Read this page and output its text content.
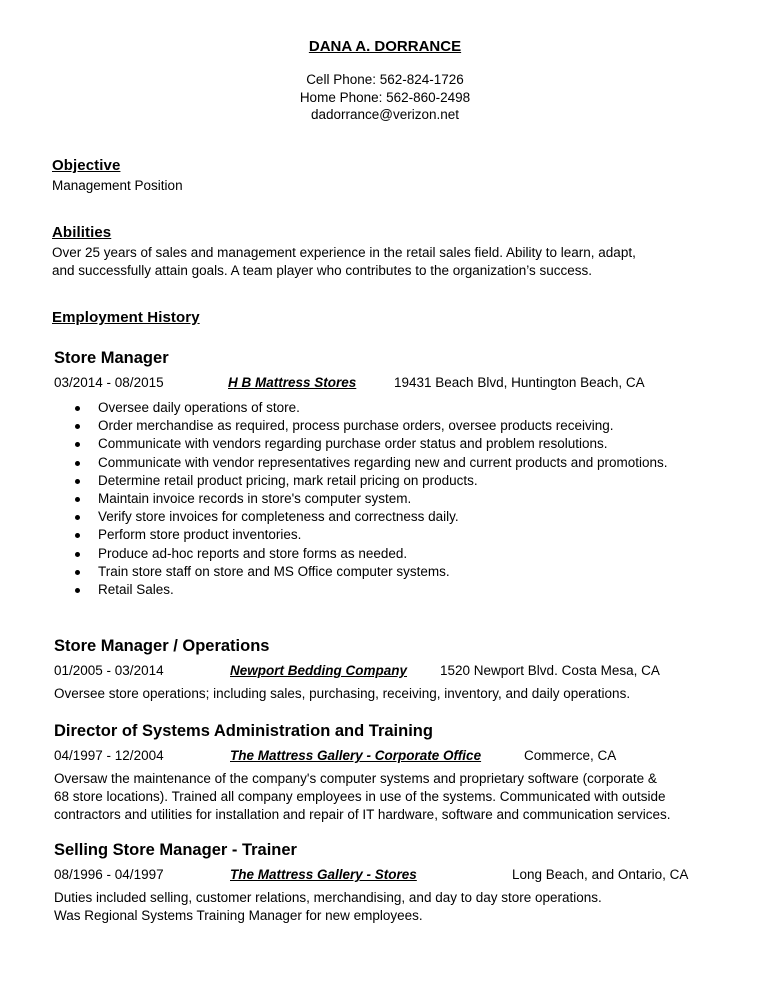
DANA A. DORRANCE
Cell Phone: 562-824-1726
Home Phone: 562-860-2498
dadorrance@verizon.net
Objective
Management Position
Abilities
Over 25 years of sales and management experience in the retail sales field. Ability to learn, adapt,
and successfully attain goals. A team player who contributes to the organization’s success.
Employment History
Store Manager
03/2014 - 08/2015	H B Mattress Stores	19431 Beach Blvd, Huntington Beach, CA
Oversee daily operations of store.
Order merchandise as required, process purchase orders, oversee products receiving.
Communicate with vendors regarding purchase order status and problem resolutions.
Communicate with vendor representatives regarding new and current products and promotions.
Determine retail product pricing, mark retail pricing on products.
Maintain invoice records in store's computer system.
Verify store invoices for completeness and correctness daily.
Perform store product inventories.
Produce ad-hoc reports and store forms as needed.
Train store staff on store and MS Office computer systems.
Retail Sales.
Store Manager / Operations
01/2005 - 03/2014	Newport Bedding Company 1520 Newport Blvd. Costa Mesa, CA
Oversee store operations; including sales, purchasing, receiving, inventory, and daily operations.
Director of Systems Administration and Training
04/1997 - 12/2004	The Mattress Gallery - Corporate Office	Commerce, CA
Oversaw the maintenance of the company's computer systems and proprietary software (corporate &
68 store locations). Trained all company employees in use of the systems. Communicated with outside
contractors and utilities for installation and repair of IT hardware, software and communication services.
Selling Store Manager - Trainer
08/1996 - 04/1997	The Mattress Gallery - Stores	Long Beach, and Ontario, CA
Duties included selling, customer relations, merchandising, and day to day store operations.
Was Regional Systems Training Manager for new employees.
